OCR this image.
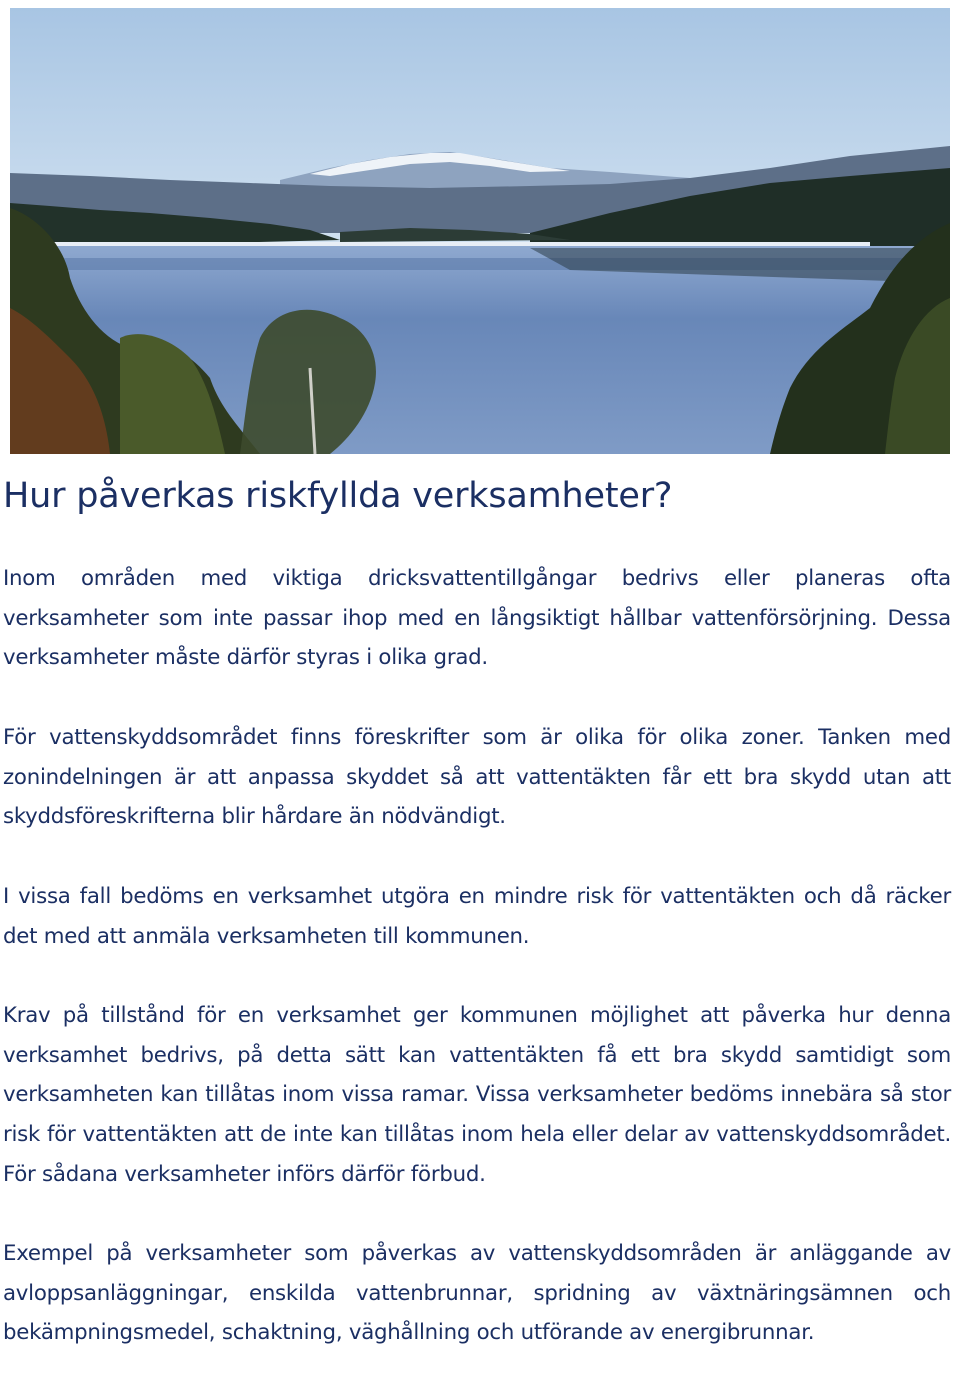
Hur påverkas riskfyllda verksamheter?

Inom områden med viktiga dricksvattentillgångar bedrivs eller planeras ofta verksamheter som inte passar ihop med en långsiktigt hållbar vattenförsörjning. Dessa verksamheter måste därför styras i olika grad.

För vattenskyddsområdet finns föreskrifter som är olika för olika zoner. Tanken med zonindelningen är att anpassa skyddet så att vattentäkten får ett bra skydd utan att skyddsföreskrifterna blir hårdare än nödvändigt.

I vissa fall bedöms en verksamhet utgöra en mindre risk för vattentäkten och då räcker det med att anmäla verksamheten till kommunen.

Krav på tillstånd för en verksamhet ger kommunen möjlighet att påverka hur denna verksamhet bedrivs, på detta sätt kan vattentäkten få ett bra skydd samtidigt som verksamheten kan tillåtas inom vissa ramar. Vissa verksamheter bedöms innebära så stor risk för vattentäkten att de inte kan tillåtas inom hela eller delar av vattenskyddsområdet. För sådana verksamheter införs därför förbud.

Exempel på verksamheter som påverkas av vattenskyddsområden är anläggande av avloppsanläggningar, enskilda vattenbrunnar, spridning av växtnäringsämnen och bekämpningsmedel, schaktning, väghållning och utförande av energibrunnar.
